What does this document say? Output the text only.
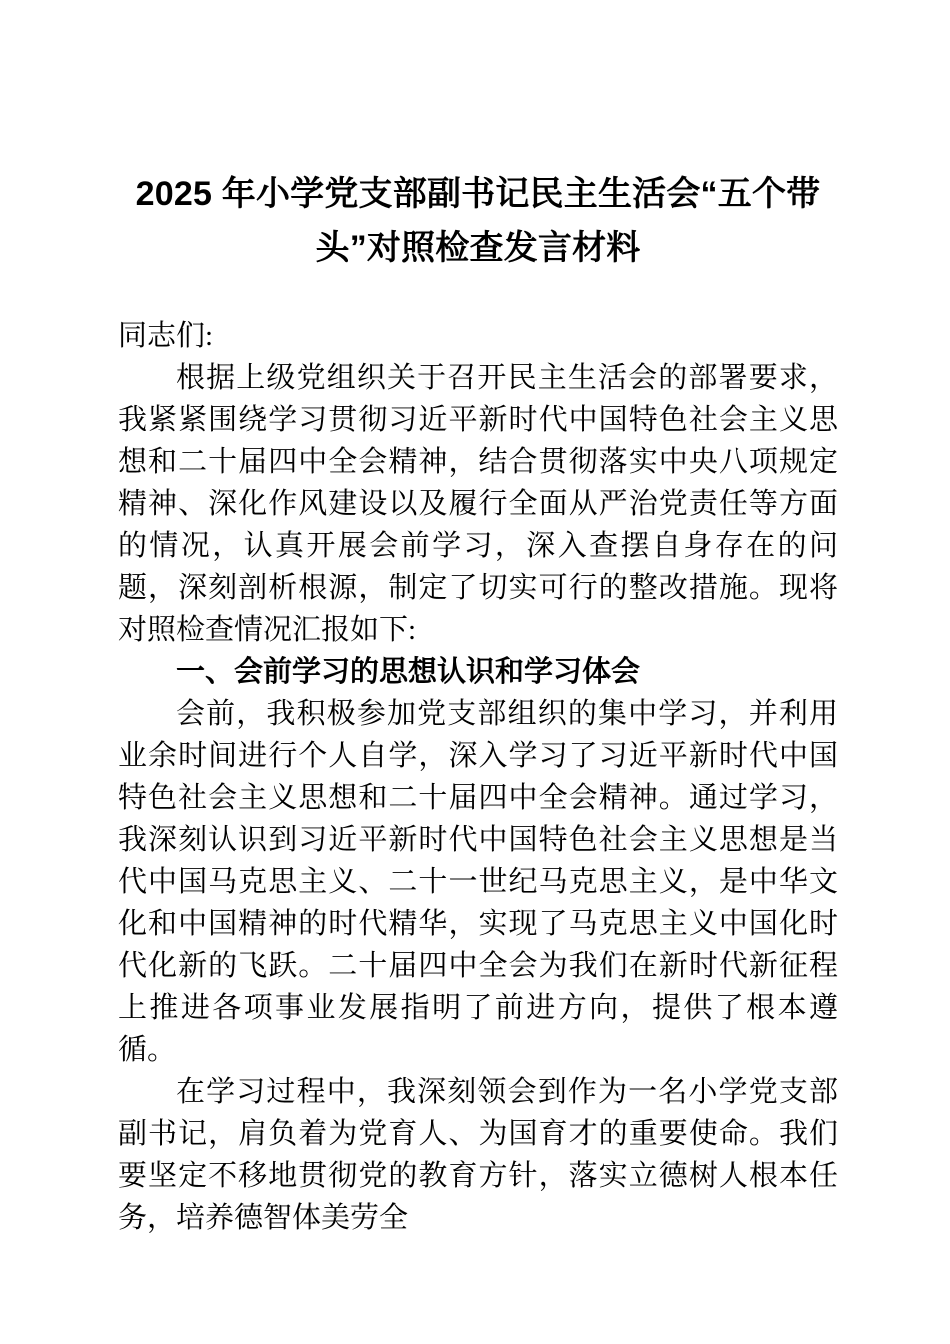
2025 年小学党支部副书记民主生活会“五个带头”对照检查发言材料

同志们:

根据上级党组织关于召开民主生活会的部署要求，我紧紧围绕学习贯彻习近平新时代中国特色社会主义思想和二十届四中全会精神，结合贯彻落实中央八项规定精神、深化作风建设以及履行全面从严治党责任等方面的情况，认真开展会前学习，深入查摆自身存在的问题，深刻剖析根源，制定了切实可行的整改措施。现将对照检查情况汇报如下:

一、会前学习的思想认识和学习体会

会前，我积极参加党支部组织的集中学习，并利用业余时间进行个人自学，深入学习了习近平新时代中国特色社会主义思想和二十届四中全会精神。通过学习，我深刻认识到习近平新时代中国特色社会主义思想是当代中国马克思主义、二十一世纪马克思主义，是中华文化和中国精神的时代精华，实现了马克思主义中国化时代化新的飞跃。二十届四中全会为我们在新时代新征程上推进各项事业发展指明了前进方向，提供了根本遵循。

在学习过程中，我深刻领会到作为一名小学党支部副书记，肩负着为党育人、为国育才的重要使命。我们要坚定不移地贯彻党的教育方针，落实立德树人根本任务，培养德智体美劳全
